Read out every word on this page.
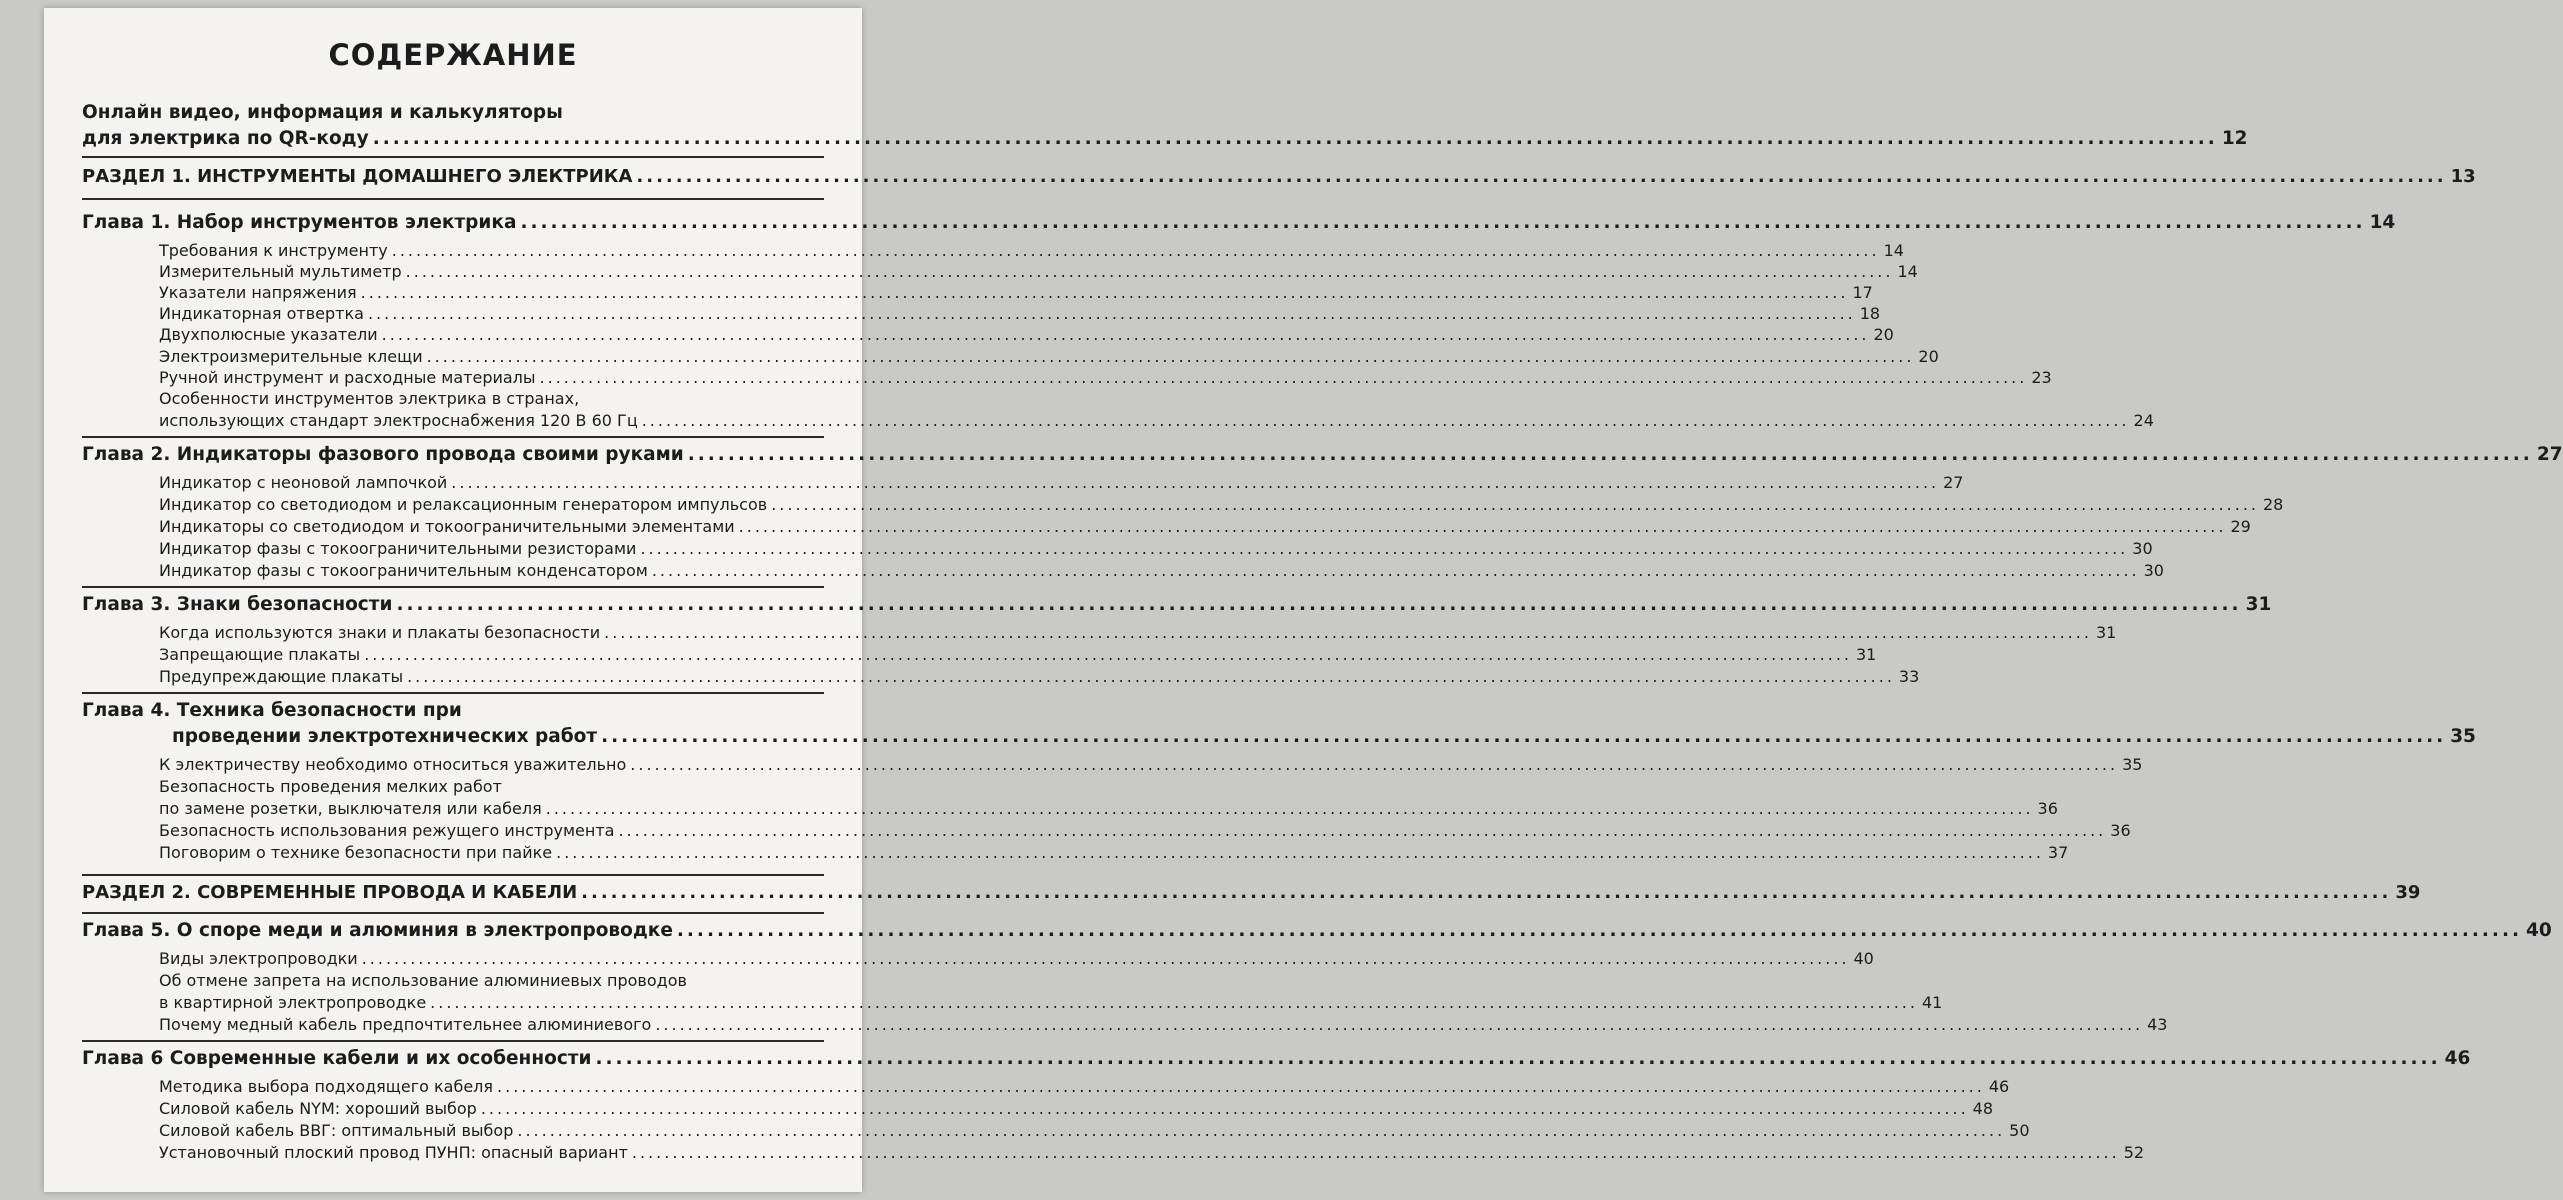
СОДЕРЖАНИЕ
Онлайн видео, информация и калькуляторы
для электрика по QR-коду .....	12
РАЗДЕЛ 1. ИНСТРУМЕНТЫ ДОМАШНЕГО ЭЛЕКТРИКА .....	13
Глава 1. Набор инструментов электрика .....	14
Требования к инструменту .....	14
Измерительный мультиметр .....	14
Указатели напряжения .....	17
Индикаторная отвертка .....	18
Двухполюсные указатели .....	20
Электроизмерительные клещи .....	20
Ручной инструмент и расходные материалы .....	23
Особенности инструментов электрика в странах,
использующих стандарт электроснабжения 120 В 60 Гц .....	24
Глава 2. Индикаторы фазового провода своими руками .....	27
Индикатор с неоновой лампочкой .....	27
Индикатор со светодиодом и релаксационным генератором импульсов .....	28
Индикаторы со светодиодом и токоограничительными элементами .....	29
Индикатор фазы с токоограничительными резисторами .....	30
Индикатор фазы с токоограничительным конденсатором .....	30
Глава 3. Знаки безопасности .....	31
Когда используются знаки и плакаты безопасности .....	31
Запрещающие плакаты .....	31
Предупреждающие плакаты .....	33
Глава 4. Техника безопасности при
проведении электротехнических работ .....	35
К электричеству необходимо относиться уважительно .....	35
Безопасность проведения мелких работ
по замене розетки, выключателя или кабеля .....	36
Безопасность использования режущего инструмента .....	36
Поговорим о технике безопасности при пайке .....	37
РАЗДЕЛ 2. СОВРЕМЕННЫЕ ПРОВОДА И КАБЕЛИ .....	39
Глава 5. О споре меди и алюминия в электропроводке .....	40
Виды электропроводки .....	40
Об отмене запрета на использование алюминиевых проводов
в квартирной электропроводке .....	41
Почему медный кабель предпочтительнее алюминиевого .....	43
Глава 6 Современные кабели и их особенности .....	46
Методика выбора подходящего кабеля .....	46
Силовой кабель NYM: хороший выбор .....	48
Силовой кабель ВВГ: оптимальный выбор .....	50
Установочный плоский провод ПУНП: опасный вариант .....	52
